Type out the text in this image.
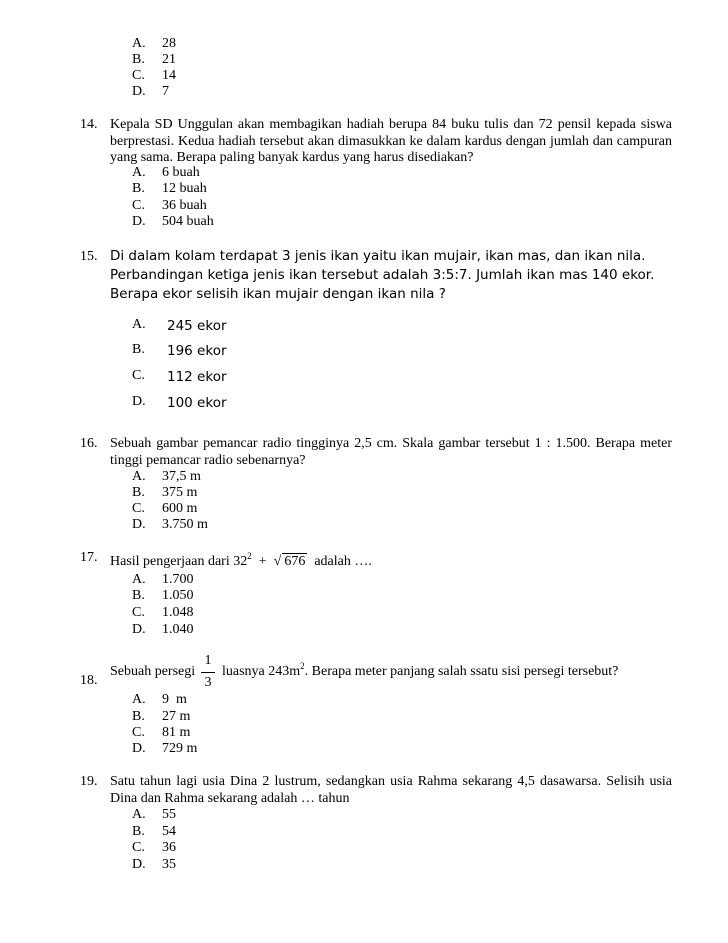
A. 28
B. 21
C. 14
D. 7
14. Kepala SD Unggulan akan membagikan hadiah berupa 84 buku tulis dan 72 pensil kepada siswa berprestasi. Kedua hadiah tersebut akan dimasukkan ke dalam kardus dengan jumlah dan campuran yang sama. Berapa paling banyak kardus yang harus disediakan?
A. 6 buah
B. 12 buah
C. 36 buah
D. 504 buah
15. Di dalam kolam terdapat 3 jenis ikan yaitu ikan mujair, ikan mas, dan ikan nila.
Perbandingan ketiga jenis ikan tersebut adalah 3:5:7. Jumlah ikan mas 140 ekor.
Berapa ekor selisih ikan mujair dengan ikan nila ?
A. 245 ekor
B. 196 ekor
C. 112 ekor
D. 100 ekor
16. Sebuah gambar pemancar radio tingginya 2,5 cm. Skala gambar tersebut 1 : 1.500. Berapa meter tinggi pemancar radio sebenarnya?
A. 37,5 m
B. 375 m
C. 600 m
D. 3.750 m
17. Hasil pengerjaan dari $32^2$ + √ 676 adalah ….
A. 1.700
B. 1.050
C. 1.048
D. 1.040
18.
Sebuah persegi
1
3
luasnya $243m^2$. Berapa meter panjang salah ssatu sisi persegi tersebut?
A. 9  m
B. 27 m
C. 81 m
D. 729 m
19. Satu tahun lagi usia Dina 2 lustrum, sedangkan usia Rahma sekarang 4,5 dasawarsa. Selisih usia Dina dan Rahma sekarang adalah … tahun
A. 55
B. 54
C. 36
D. 35
